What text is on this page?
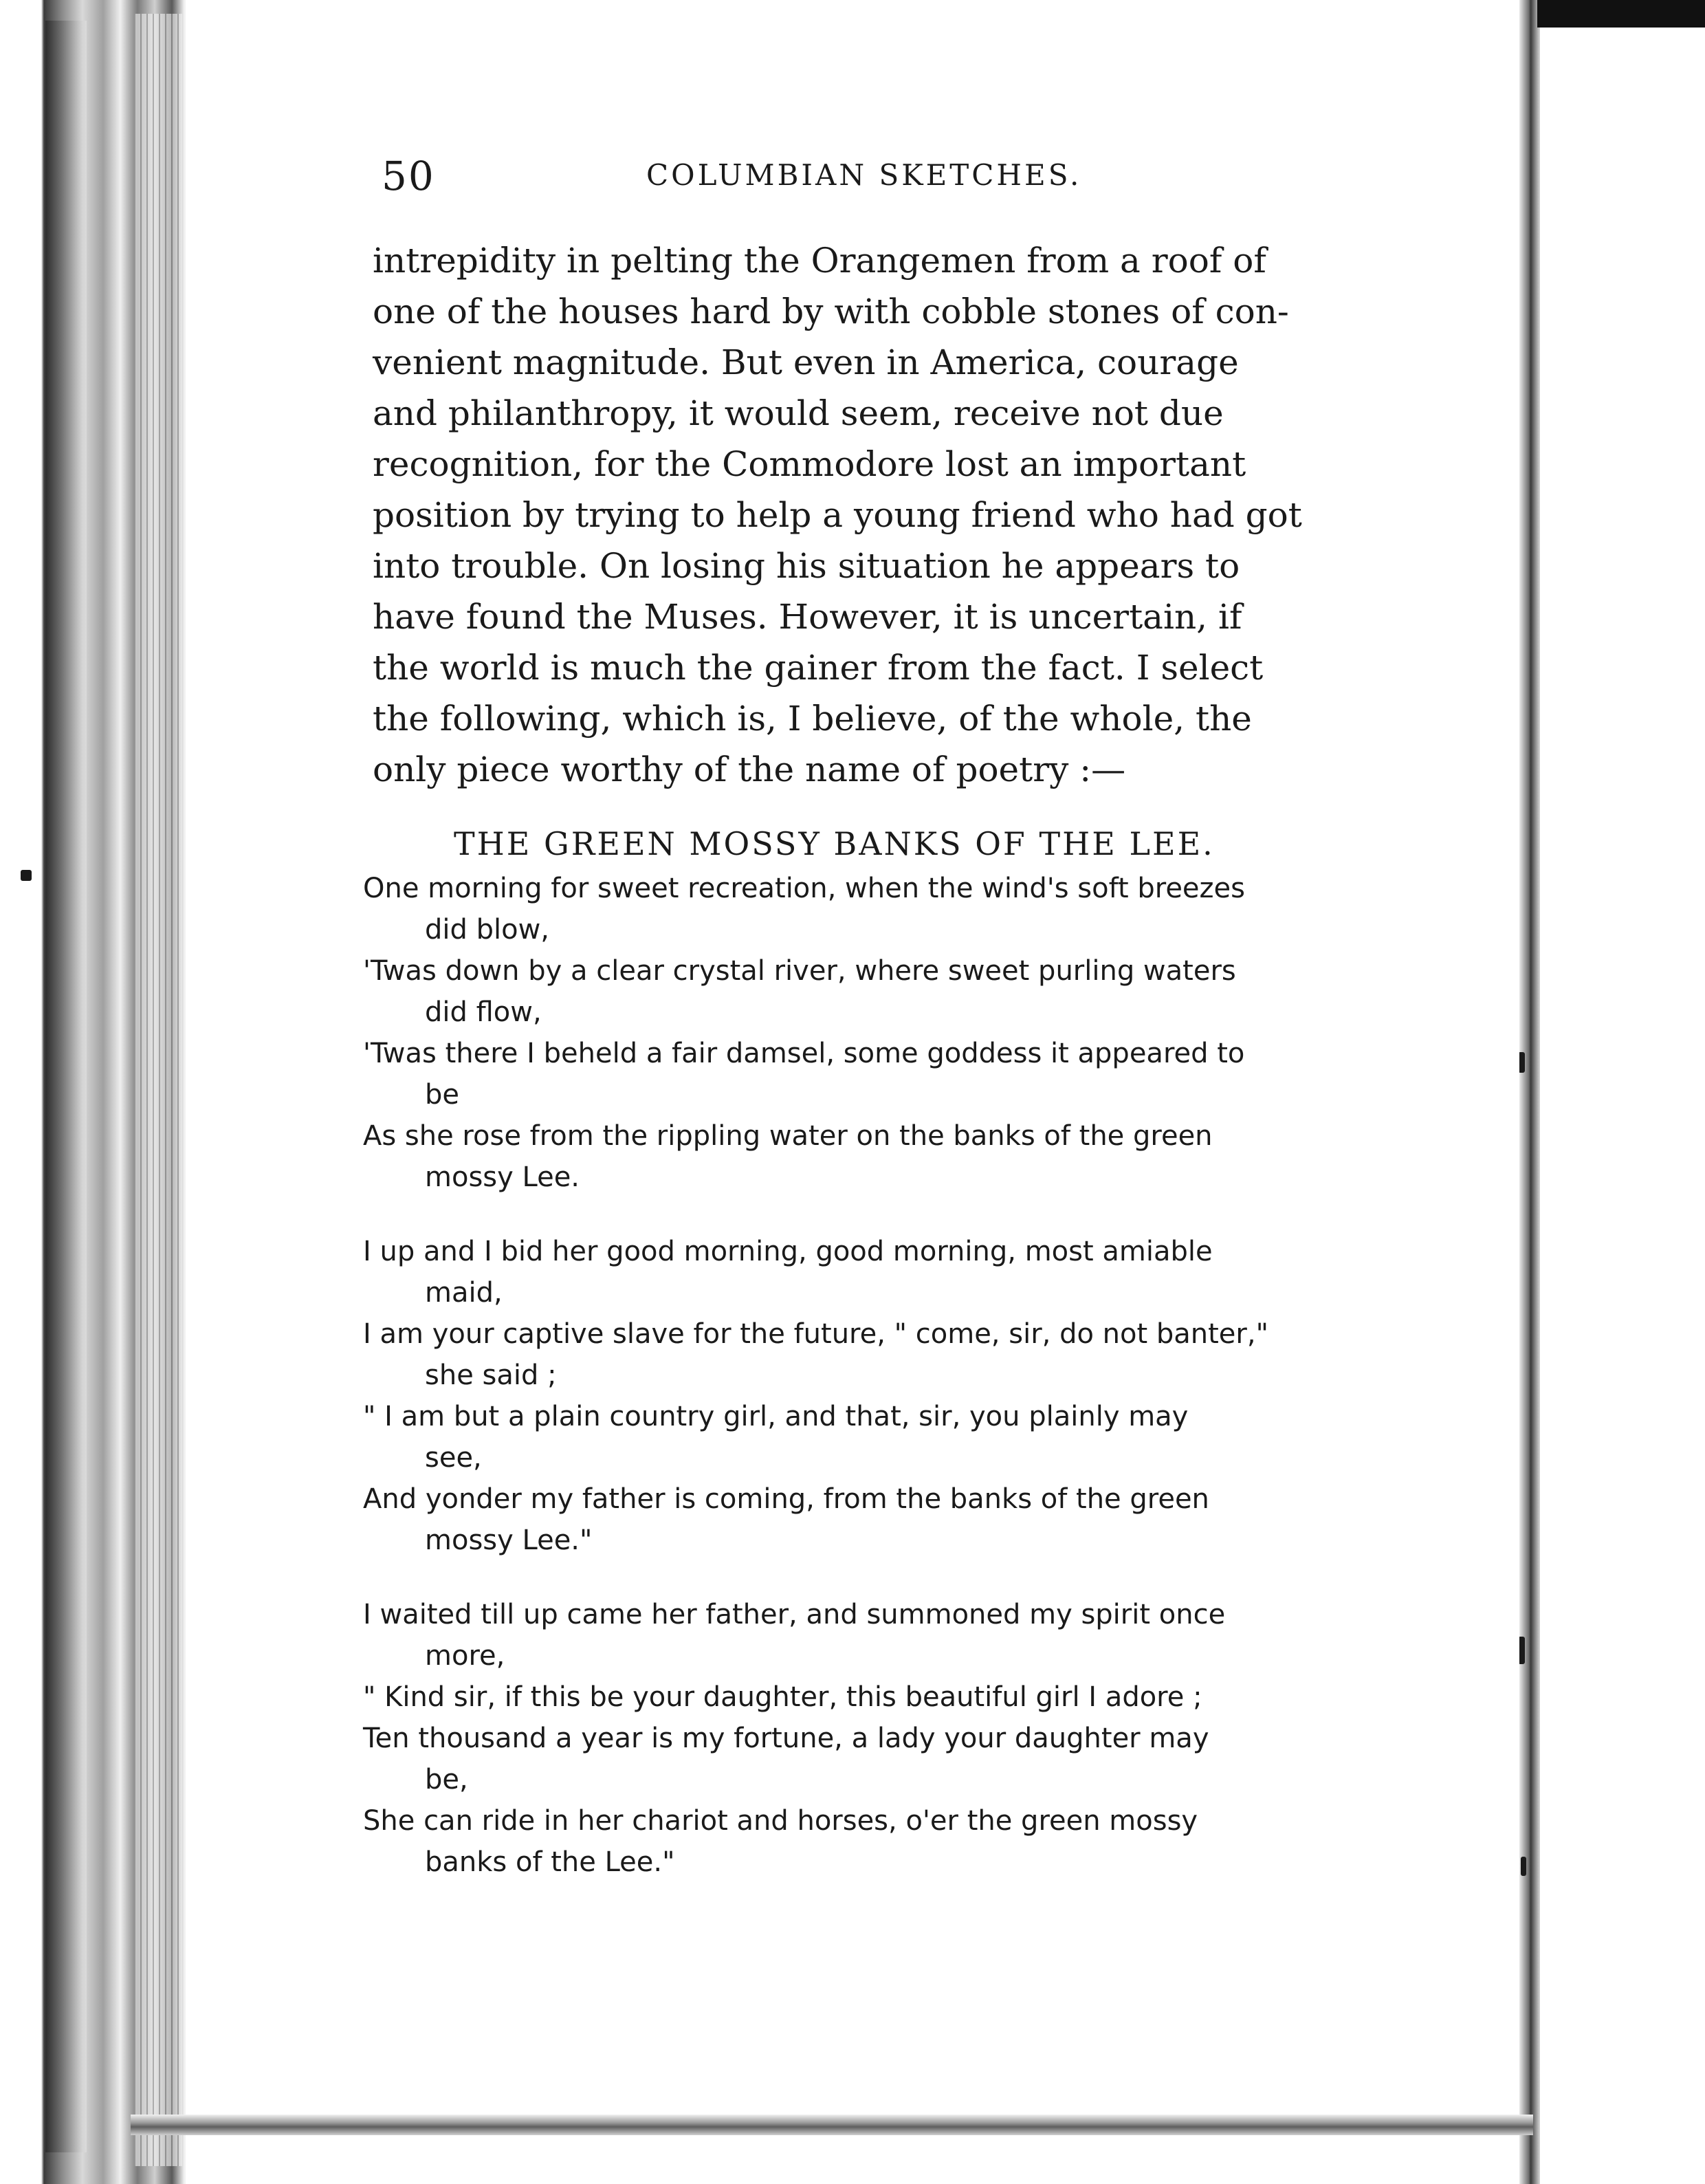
50	COLUMBIAN SKETCHES.
intrepidity in pelting the Orangemen from a roof of
one of the houses hard by with cobble stones of con-
venient magnitude. But even in America, courage
and philanthropy, it would seem, receive not due
recognition, for the Commodore lost an important
position by trying to help a young friend who had got
into trouble. On losing his situation he appears to
have found the Muses. However, it is uncertain, if
the world is much the gainer from the fact. I select
the following, which is, I believe, of the whole, the
only piece worthy of the name of poetry :—
THE GREEN MOSSY BANKS OF THE LEE.
One morning for sweet recreation, when the wind's soft breezes
did blow,
'Twas down by a clear crystal river, where sweet purling waters
did flow,
'Twas there I beheld a fair damsel, some goddess it appeared to
be
As she rose from the rippling water on the banks of the green
mossy Lee.
I up and I bid her good morning, good morning, most amiable
maid,
I am your captive slave for the future, " come, sir, do not banter,"
she said ;
" I am but a plain country girl, and that, sir, you plainly may
see,
And yonder my father is coming, from the banks of the green
mossy Lee."
I waited till up came her father, and summoned my spirit once
more,
" Kind sir, if this be your daughter, this beautiful girl I adore ;
Ten thousand a year is my fortune, a lady your daughter may
be,
She can ride in her chariot and horses, o'er the green mossy
banks of the Lee."
